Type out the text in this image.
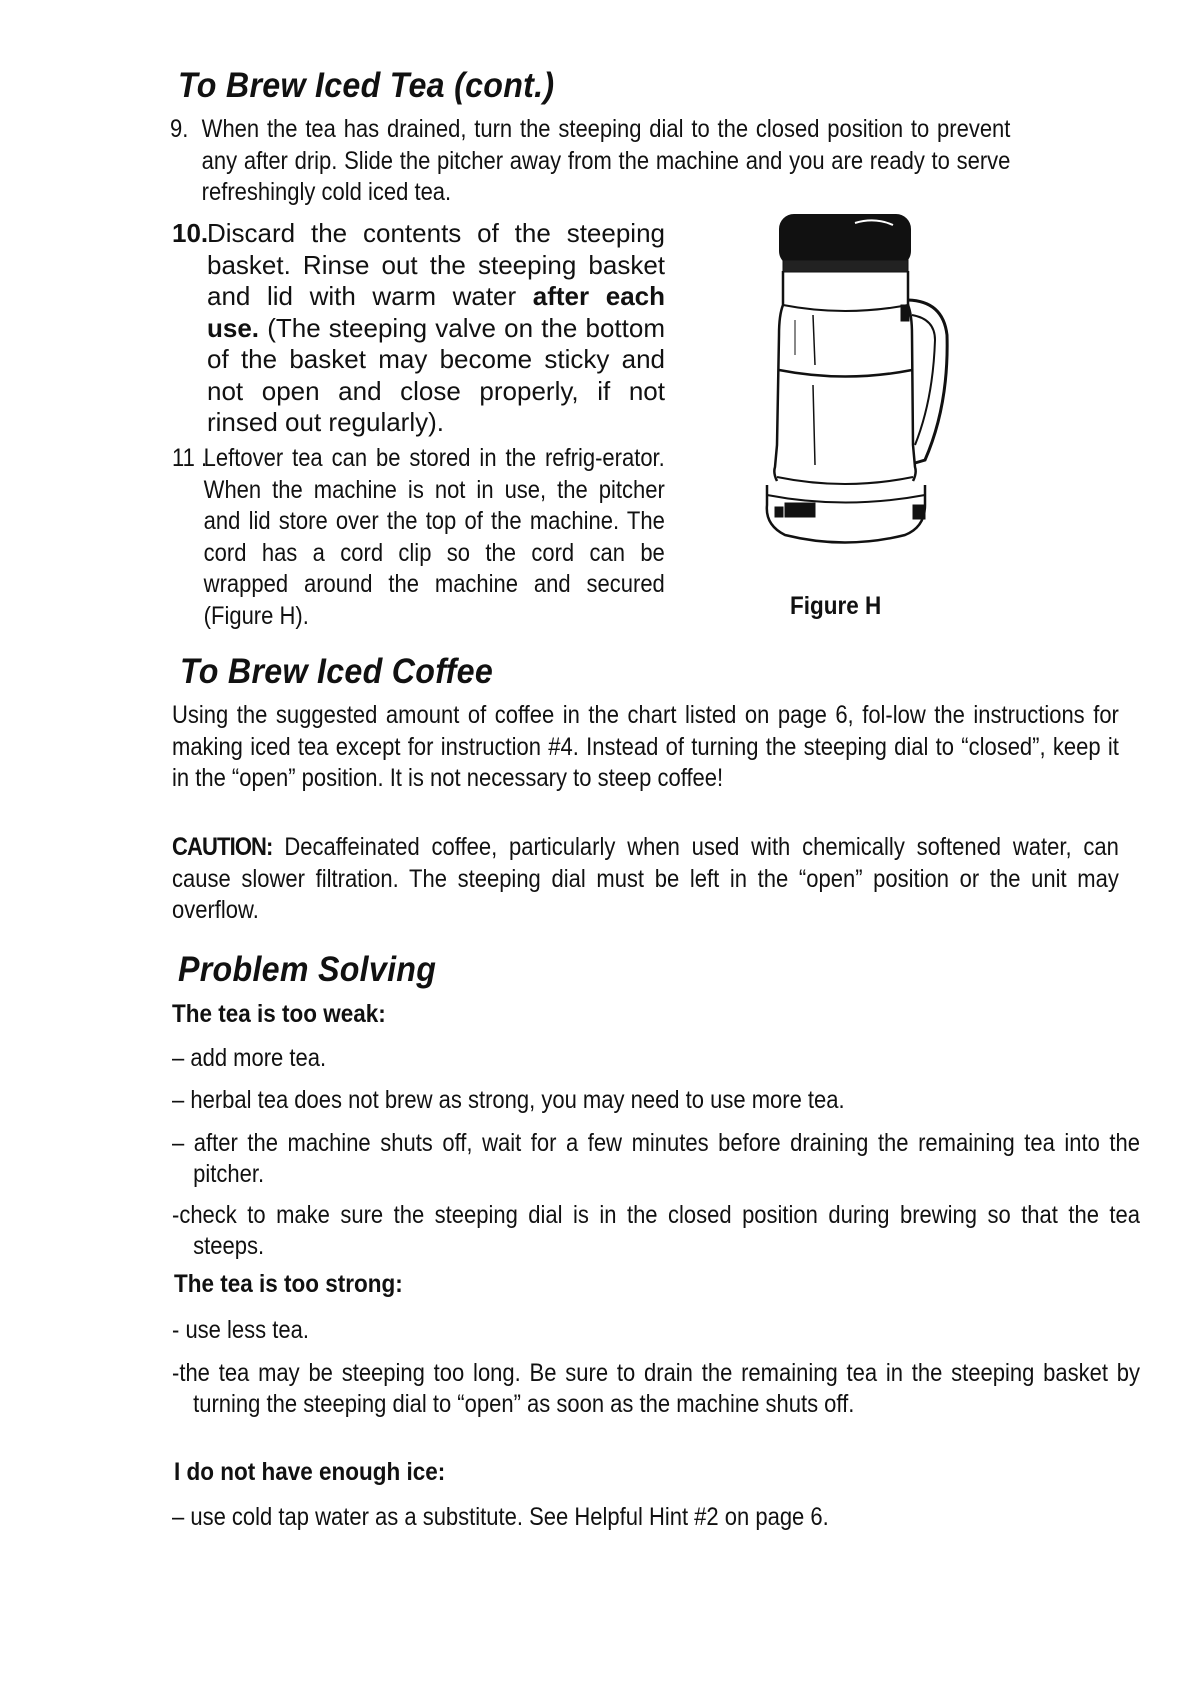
To Brew Iced Tea (cont.)
9. When the tea has drained, turn the steeping dial to the closed position to prevent any after drip. Slide the pitcher away from the machine and you are ready to serve refreshingly cold iced tea.
10.

Discard the contents of the steeping basket. Rinse out the steeping basket and lid with warm water after each use. (The steeping valve on the bottom of the basket may become sticky and not open and close properly, if not rinsed out regularly).

11 .
Leftover tea can be stored in the refrig-erator. When the machine is not in use, the pitcher and lid store over the top of the machine. The cord has a cord clip so the cord can be wrapped around the machine and secured (Figure H).	Figure H

To Brew Iced Coffee

Using the suggested amount of coffee in the chart listed on page 6, fol-low the instructions for making iced tea except for instruction #4. Instead of turning the steeping dial to “closed”, keep it in the “open” position. It is not necessary to steep coffee!

CAUTION: Decaffeinated coffee, particularly when used with chemically softened water, can cause slower filtration. The steeping dial must be left in the “open” position or the unit may overflow.

Problem Solving

The tea is too weak:

– add more tea.

– herbal tea does not brew as strong, you may need to use more tea.

– after the machine shuts off, wait for a few minutes before draining the remaining tea into the pitcher.

-check to make sure the steeping dial is in the closed position during brewing so that the tea steeps.

The tea is too strong:

- use less tea.

-the tea may be steeping too long. Be sure to drain the remaining tea in the steeping basket by turning the steeping dial to “open” as soon as the machine shuts off.

I do not have enough ice:

– use cold tap water as a substitute. See Helpful Hint #2 on page 6.
